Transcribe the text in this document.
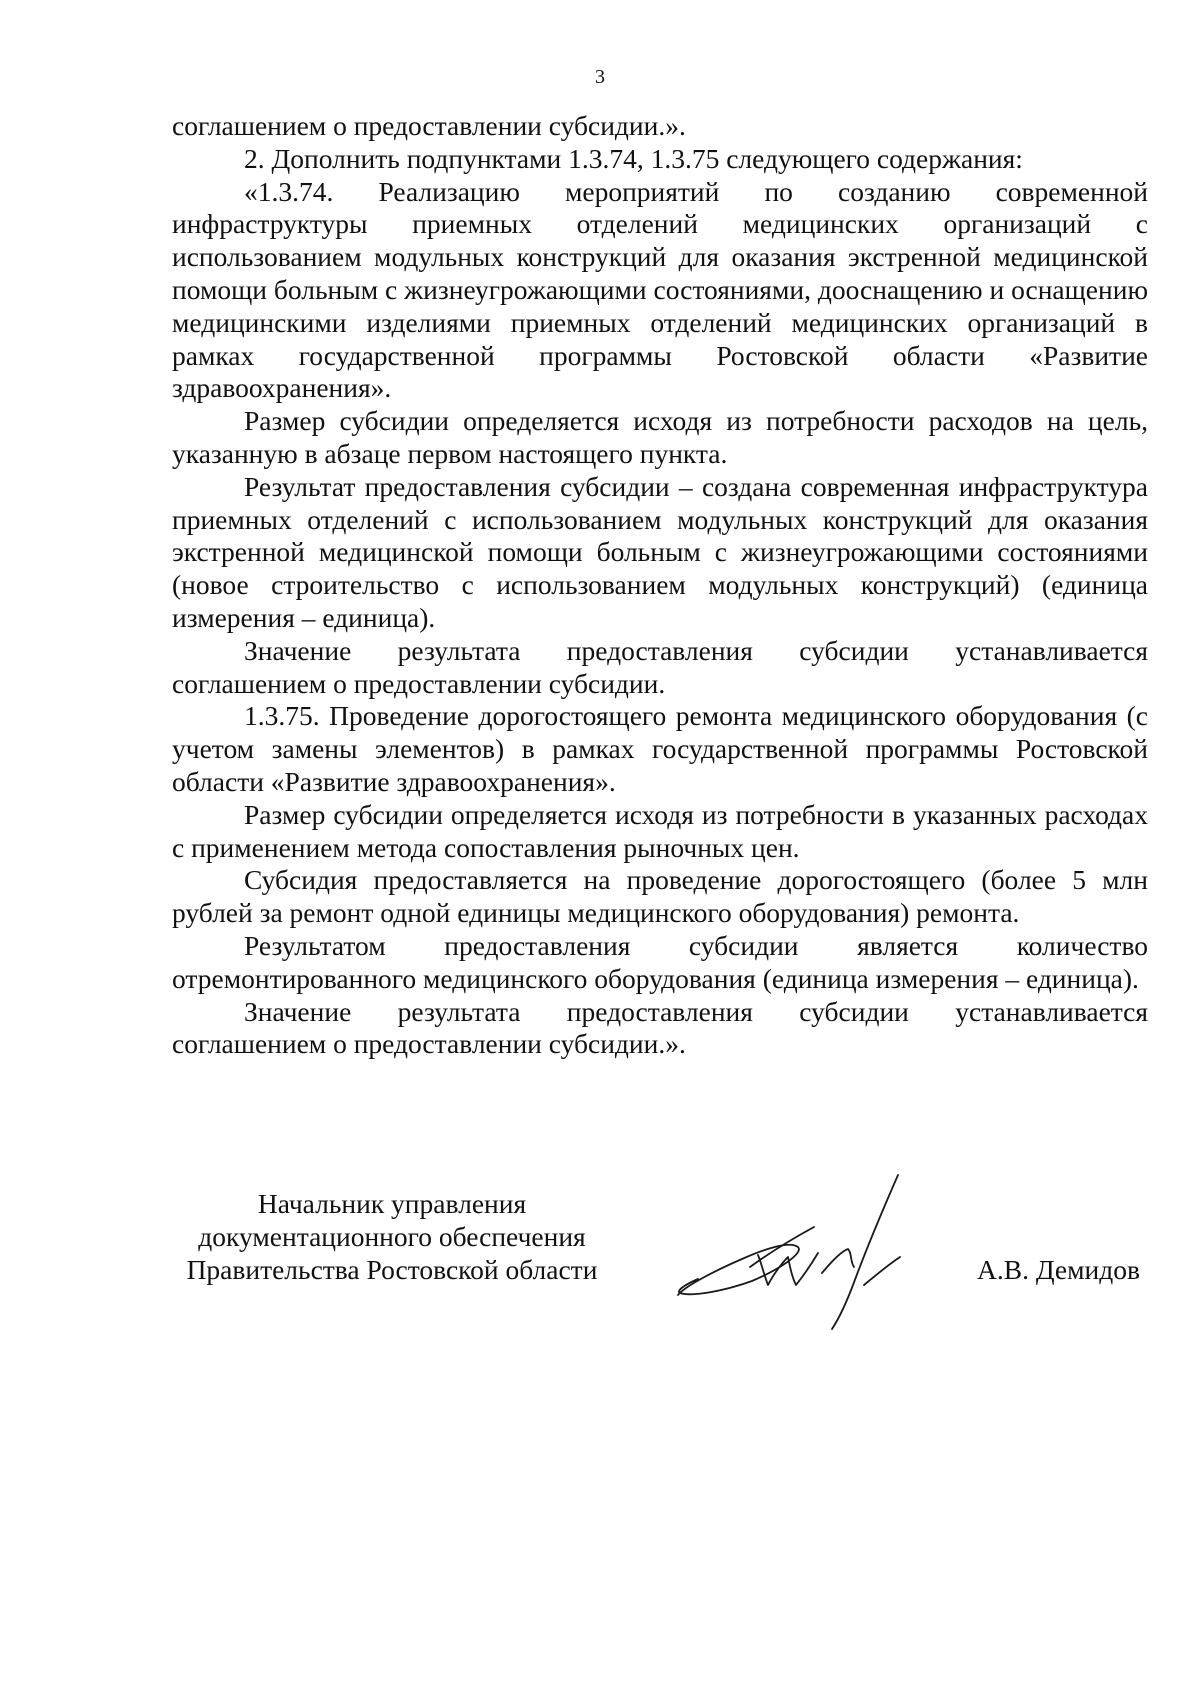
3

соглашением о предоставлении субсидии.».

2. Дополнить подпунктами 1.3.74, 1.3.75 следующего содержания:

«1.3.74. Реализацию мероприятий по созданию современной инфраструктуры приемных отделений медицинских организаций с использованием модульных конструкций для оказания экстренной медицинской помощи больным с жизнеугрожающими состояниями, дооснащению и оснащению медицинскими изделиями приемных отделений медицинских организаций в рамках государственной программы Ростовской области «Развитие здравоохранения».

Размер субсидии определяется исходя из потребности расходов на цель, указанную в абзаце первом настоящего пункта.

Результат предоставления субсидии – создана современная инфраструктура приемных отделений с использованием модульных конструкций для оказания экстренной медицинской помощи больным с жизнеугрожающими состояниями (новое строительство с использованием модульных конструкций) (единица измерения – единица).

Значение результата предоставления субсидии устанавливается соглашением о предоставлении субсидии.

1.3.75. Проведение дорогостоящего ремонта медицинского оборудования (с учетом замены элементов) в рамках государственной программы Ростовской области «Развитие здравоохранения».

Размер субсидии определяется исходя из потребности в указанных расходах с применением метода сопоставления рыночных цен.

Субсидия предоставляется на проведение дорогостоящего (более 5 млн рублей за ремонт одной единицы медицинского оборудования) ремонта.

Результатом предоставления субсидии является количество отремонтированного медицинского оборудования (единица измерения – единица).

Значение результата предоставления субсидии устанавливается соглашением о предоставлении субсидии.».

Начальник управления
документационного обеспечения
Правительства Ростовской области	А.В. Демидов
